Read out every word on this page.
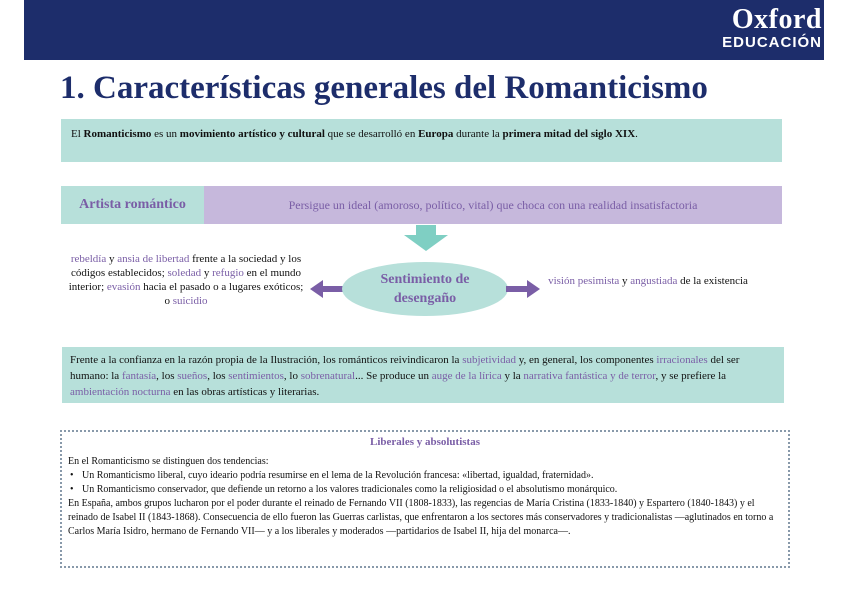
Oxford
EDUCACIÓN
1. Características generales del Romanticismo
El Romanticismo es un movimiento artístico y cultural que se desarrolló en Europa durante la primera mitad del siglo XIX.
Artista romántico	Persigue un ideal (amoroso, político, vital) que choca con una realidad insatisfactoria
rebeldía y ansia de libertad frente a la sociedad y los códigos establecidos; soledad y refugio en el mundo interior; evasión hacia el pasado o a lugares exóticos; o suicidio
Sentimiento de
desengaño
visión pesimista y angustiada de la existencia
Frente a la confianza en la razón propia de la Ilustración, los románticos reivindicaron la subjetividad y, en general, los componentes irracionales del ser humano: la fantasía, los sueños, los sentimientos, lo sobrenatural... Se produce un auge de la lírica y la narrativa fantástica y de terror, y se prefiere la ambientación nocturna en las obras artísticas y literarias.
Liberales y absolutistas

En el Romanticismo se distinguen dos tendencias:

• Un Romanticismo liberal, cuyo ideario podría resumirse en el lema de la Revolución francesa: «libertad, igualdad, fraternidad».

• Un Romanticismo conservador, que defiende un retorno a los valores tradicionales como la religiosidad o el absolutismo monárquico.

En España, ambos grupos lucharon por el poder durante el reinado de Fernando VII (1808-1833), las regencias de María Cristina (1833-1840) y Espartero (1840-1843) y el reinado de Isabel II (1843-1868). Consecuencia de ello fueron las Guerras carlistas, que enfrentaron a los sectores más conservadores y tradicionalistas —aglutinados en torno a Carlos María Isidro, hermano de Fernando VII— y a los liberales y moderados —partidarios de Isabel II, hija del monarca—.
